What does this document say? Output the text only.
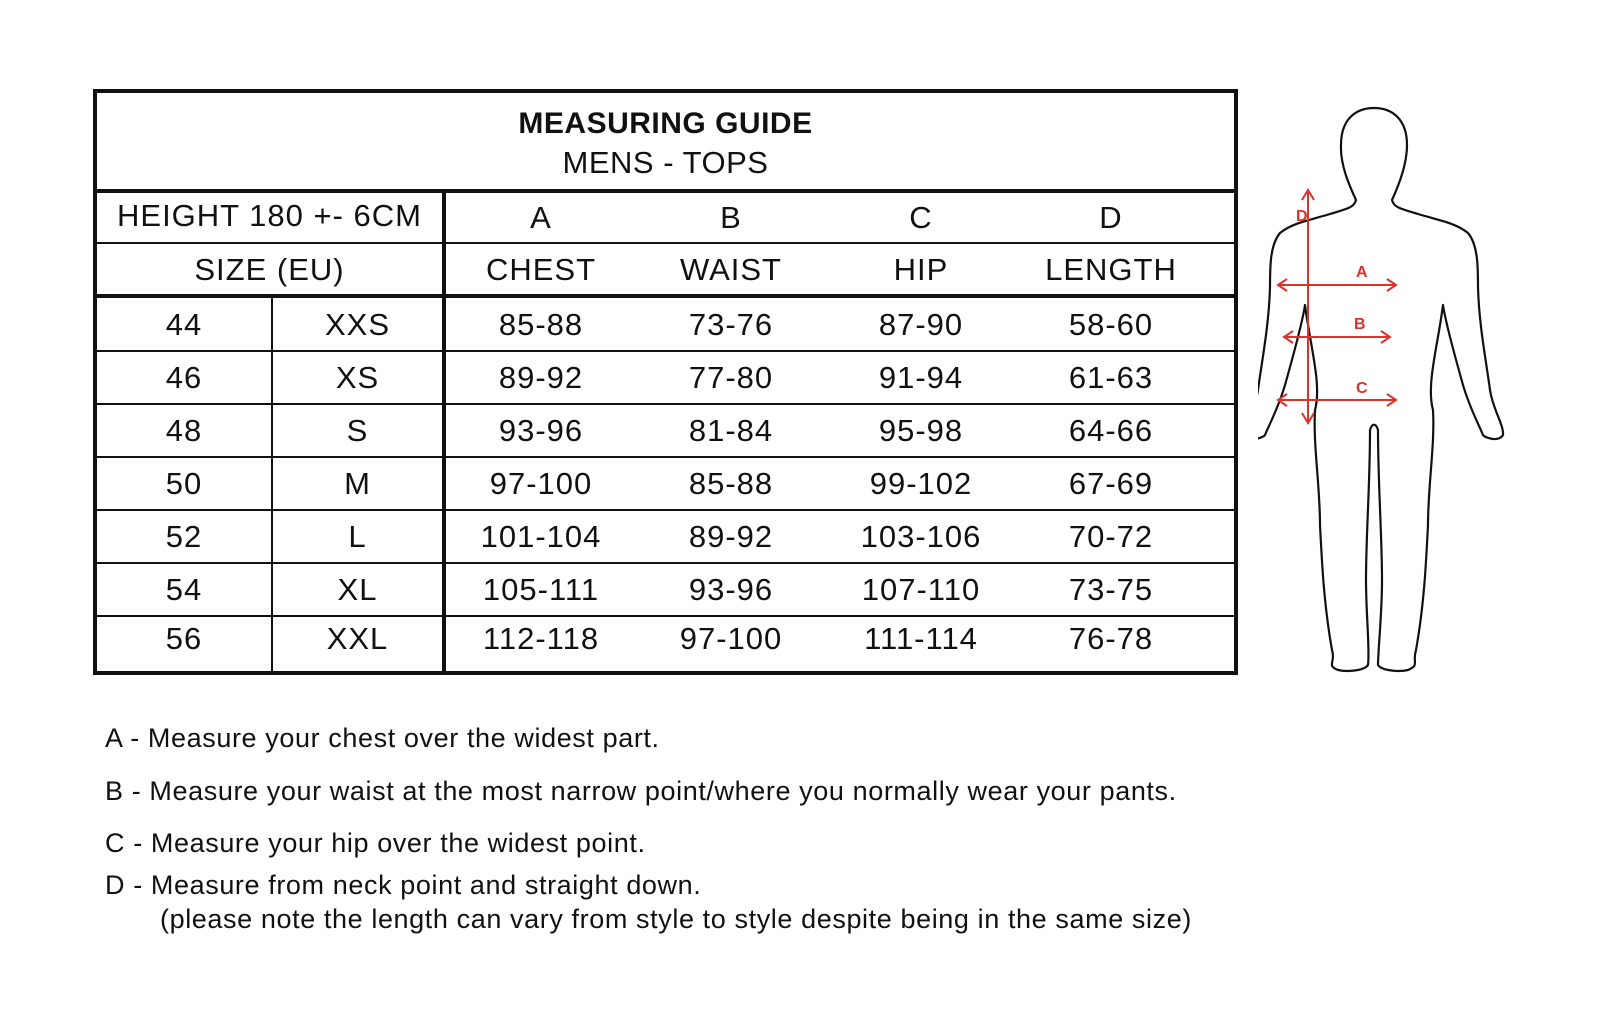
MEASURING GUIDE
MENS - TOPS
HEIGHT 180 +- 6CM
SIZE (EU)
A	B	C	D
CHEST	WAIST	HIP	LENGTH
44	XXS	85-88	73-76	87-90	58-60
46	XS	89-92	77-80	91-94	61-63
48	S	93-96	81-84	95-98	64-66
50	M	97-100	85-88	99-102	67-69
52	L	101-104	89-92	103-106	70-72
54	XL	105-111	93-96	107-110	73-75
56	XXL	112-118	97-100	111-114	76-78
D
A
B
C
A - Measure your chest over the widest part.
B - Measure your waist at the most narrow point/where you normally wear your pants.
C - Measure your hip over the widest point.
D - Measure from neck point and straight down.
(please note the length can vary from style to style despite being in the same size)
